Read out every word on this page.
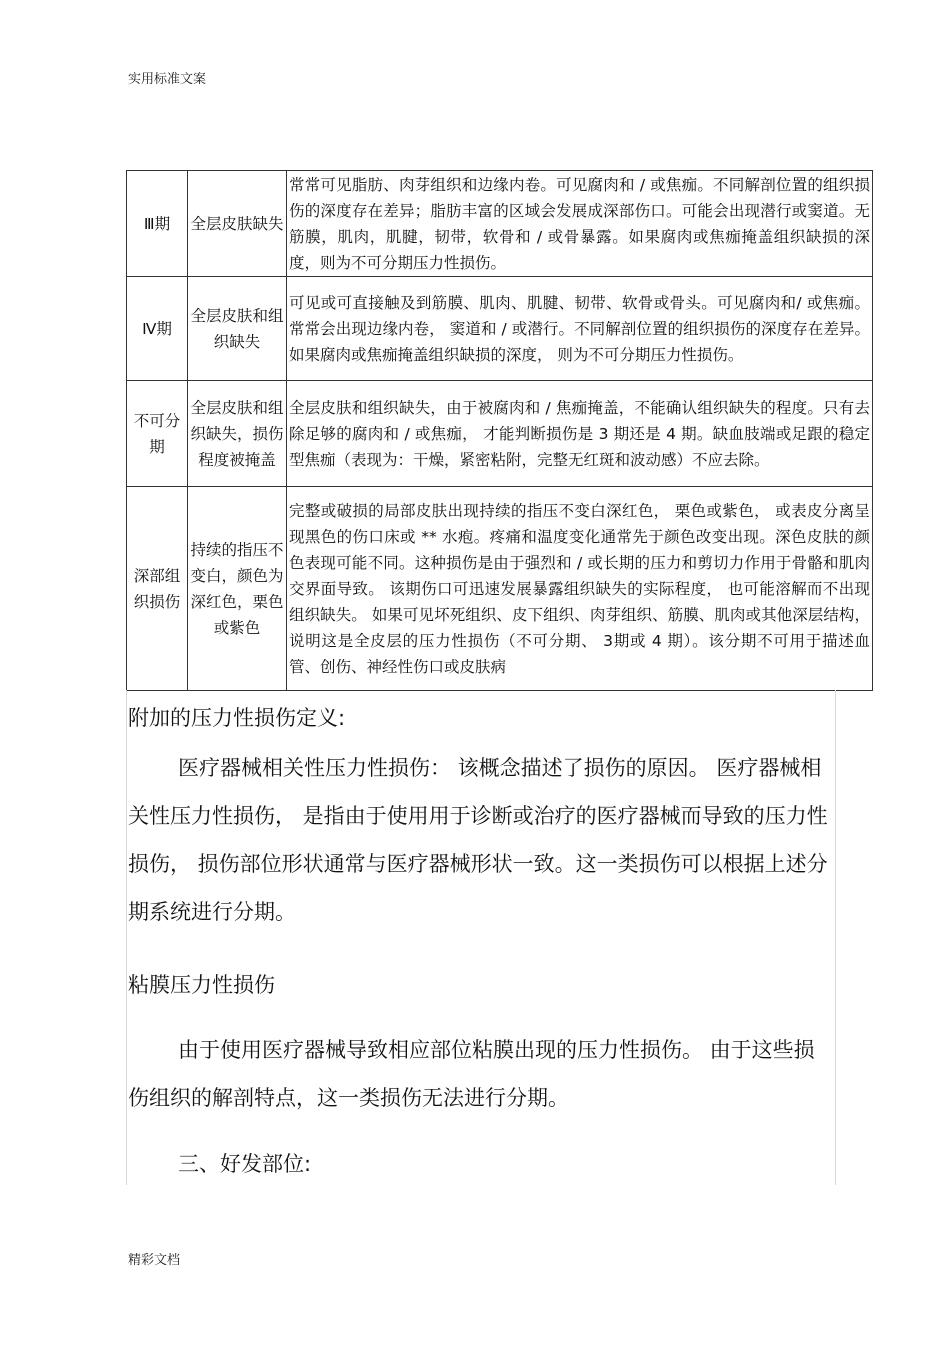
实用标准文案
Ⅲ期	全层皮肤缺失	常常可见脂肪、肉芽组织和边缘内卷。可见腐肉和 / 或焦痂。不同解剖位置的组织损伤的深度存在差异；脂肪丰富的区域会发展成深部伤口。可能会出现潜行或窦道。无筋膜，肌肉，肌腱，韧带，软骨和 / 或骨暴露。如果腐肉或焦痂掩盖组织缺损的深度，则为不可分期压力性损伤。
Ⅳ期	全层皮肤和组织缺失	可见或可直接触及到筋膜、肌肉、肌腱、韧带、软骨或骨头。可见腐肉和/ 或焦痂。常常会出现边缘内卷， 窦道和 / 或潜行。不同解剖位置的组织损伤的深度存在差异。 如果腐肉或焦痂掩盖组织缺损的深度， 则为不可分期压力性损伤。
不可分期	全层皮肤和组织缺失，损伤程度被掩盖	全层皮肤和组织缺失，由于被腐肉和 / 焦痂掩盖，不能确认组织缺失的程度。只有去除足够的腐肉和 / 或焦痂， 才能判断损伤是 3 期还是 4 期。缺血肢端或足跟的稳定型焦痂（表现为：干燥，紧密粘附，完整无红斑和波动感）不应去除。
深部组织损伤	持续的指压不变白，颜色为深红色，栗色或紫色	完整或破损的局部皮肤出现持续的指压不变白深红色， 栗色或紫色， 或表皮分离呈现黑色的伤口床或 ** 水疱。疼痛和温度变化通常先于颜色改变出现。深色皮肤的颜色表现可能不同。这种损伤是由于强烈和 / 或长期的压力和剪切力作用于骨骼和肌肉交界面导致。 该期伤口可迅速发展暴露组织缺失的实际程度， 也可能溶解而不出现组织缺失。 如果可见坏死组织、皮下组织、肉芽组织、筋膜、肌肉或其他深层结构，说明这是全皮层的压力性损伤（不可分期、 3期或 4 期）。该分期不可用于描述血管、创伤、神经性伤口或皮肤病
附加的压力性损伤定义:
医疗器械相关性压力性损伤： 该概念描述了损伤的原因。 医疗器械相关性压力性损伤， 是指由于使用用于诊断或治疗的医疗器械而导致的压力性损伤， 损伤部位形状通常与医疗器械形状一致。这一类损伤可以根据上述分期系统进行分期。
粘膜压力性损伤
由于使用医疗器械导致相应部位粘膜出现的压力性损伤。 由于这些损伤组织的解剖特点，这一类损伤无法进行分期。
三、好发部位:
精彩文档
